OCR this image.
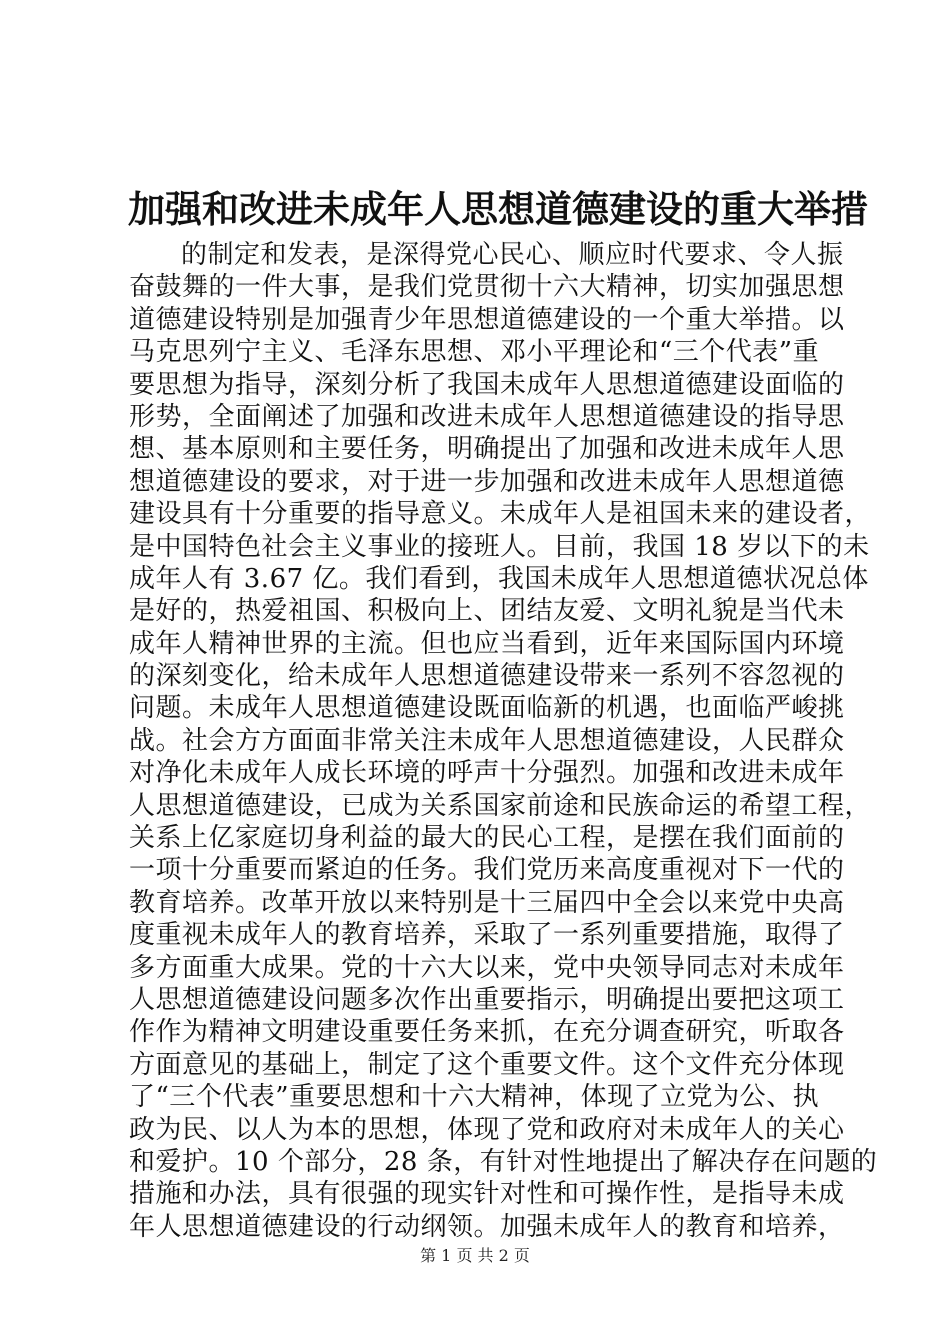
加强和改进未成年人思想道德建设的重大举措
的制定和发表，是深得党心民心、顺应时代要求、令人振
奋鼓舞的一件大事，是我们党贯彻十六大精神，切实加强思想
道德建设特别是加强青少年思想道德建设的一个重大举措。以
马克思列宁主义、毛泽东思想、邓小平理论和“三个代表”重
要思想为指导，深刻分析了我国未成年人思想道德建设面临的
形势，全面阐述了加强和改进未成年人思想道德建设的指导思
想、基本原则和主要任务，明确提出了加强和改进未成年人思
想道德建设的要求，对于进一步加强和改进未成年人思想道德
建设具有十分重要的指导意义。未成年人是祖国未来的建设者，
是中国特色社会主义事业的接班人。目前，我国 18 岁以下的未
成年人有 3.67 亿。我们看到，我国未成年人思想道德状况总体
是好的，热爱祖国、积极向上、团结友爱、文明礼貌是当代未
成年人精神世界的主流。但也应当看到，近年来国际国内环境
的深刻变化，给未成年人思想道德建设带来一系列不容忽视的
问题。未成年人思想道德建设既面临新的机遇，也面临严峻挑
战。社会方方面面非常关注未成年人思想道德建设，人民群众
对净化未成年人成长环境的呼声十分强烈。加强和改进未成年
人思想道德建设，已成为关系国家前途和民族命运的希望工程，
关系上亿家庭切身利益的最大的民心工程，是摆在我们面前的
一项十分重要而紧迫的任务。我们党历来高度重视对下一代的
教育培养。改革开放以来特别是十三届四中全会以来党中央高
度重视未成年人的教育培养，采取了一系列重要措施，取得了
多方面重大成果。党的十六大以来，党中央领导同志对未成年
人思想道德建设问题多次作出重要指示，明确提出要把这项工
作作为精神文明建设重要任务来抓，在充分调查研究，听取各
方面意见的基础上，制定了这个重要文件。这个文件充分体现
了“三个代表”重要思想和十六大精神，体现了立党为公、执
政为民、以人为本的思想，体现了党和政府对未成年人的关心
和爱护。10 个部分，28 条，有针对性地提出了解决存在问题的
措施和办法，具有很强的现实针对性和可操作性，是指导未成
年人思想道德建设的行动纲领。加强未成年人的教育和培养，
第 1 页 共 2 页
